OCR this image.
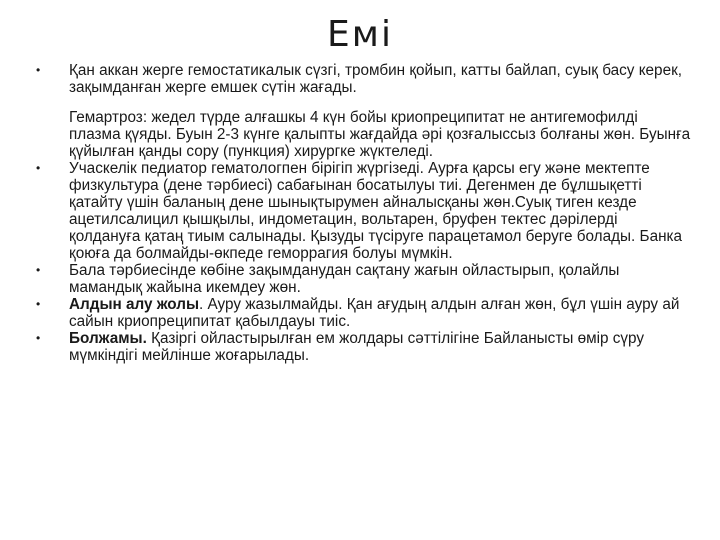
Емі

•	Қан аккан жерге гемостатикалык сүзгі, тромбин қойып, катты байлап, суық басу керек, зақымданған жерге емшек сүтін жағады.

Гемартроз: жедел түрде алғашкы 4 күн бойы криопреципитат не антигемофилді плазма қүяды. Буын 2-3 күнге қалыпты жағдайда әрі қозғалыссыз болғаны жөн. Буынға қүйылған қанды сору (пункция) хирургке жүктеледі.

•	Учаскелік педиатор гематологпен бірігіп жүргізеді. Аурға қарсы егу және мектепте физкультура (дене тәрбиесі) сабағынан босатылуы тиі. Дегенмен де бұлшықетті қатайту үшін баланың дене шынықтырумен айналысқаны жөн.Суық тиген кезде ацетилсалицил қышқылы, индометацин, вольтарен, бруфен тектес дәрілерді қолдануға қатаң тиым салынады. Қызуды түсіруге парацетамол беруге болады. Банка қоюға да болмайды-өкпеде геморрагия болуы мүмкін.

•	Бала тәрбиесінде көбіне зақымданудан сақтану жағын ойластырып, қолайлы мамандық жайына икемдеу жөн.

•	Алдын алу жолы. Ауру жазылмайды. Қан ағудың алдын алған жөн, бұл үшін ауру ай сайын криопреципитат қабылдауы тиіс.

•	Болжамы. Қазіргі ойластырылған ем жолдары сәттілігіне Байланысты өмір сүру мүмкіндігі мейлінше жоғарылады.
